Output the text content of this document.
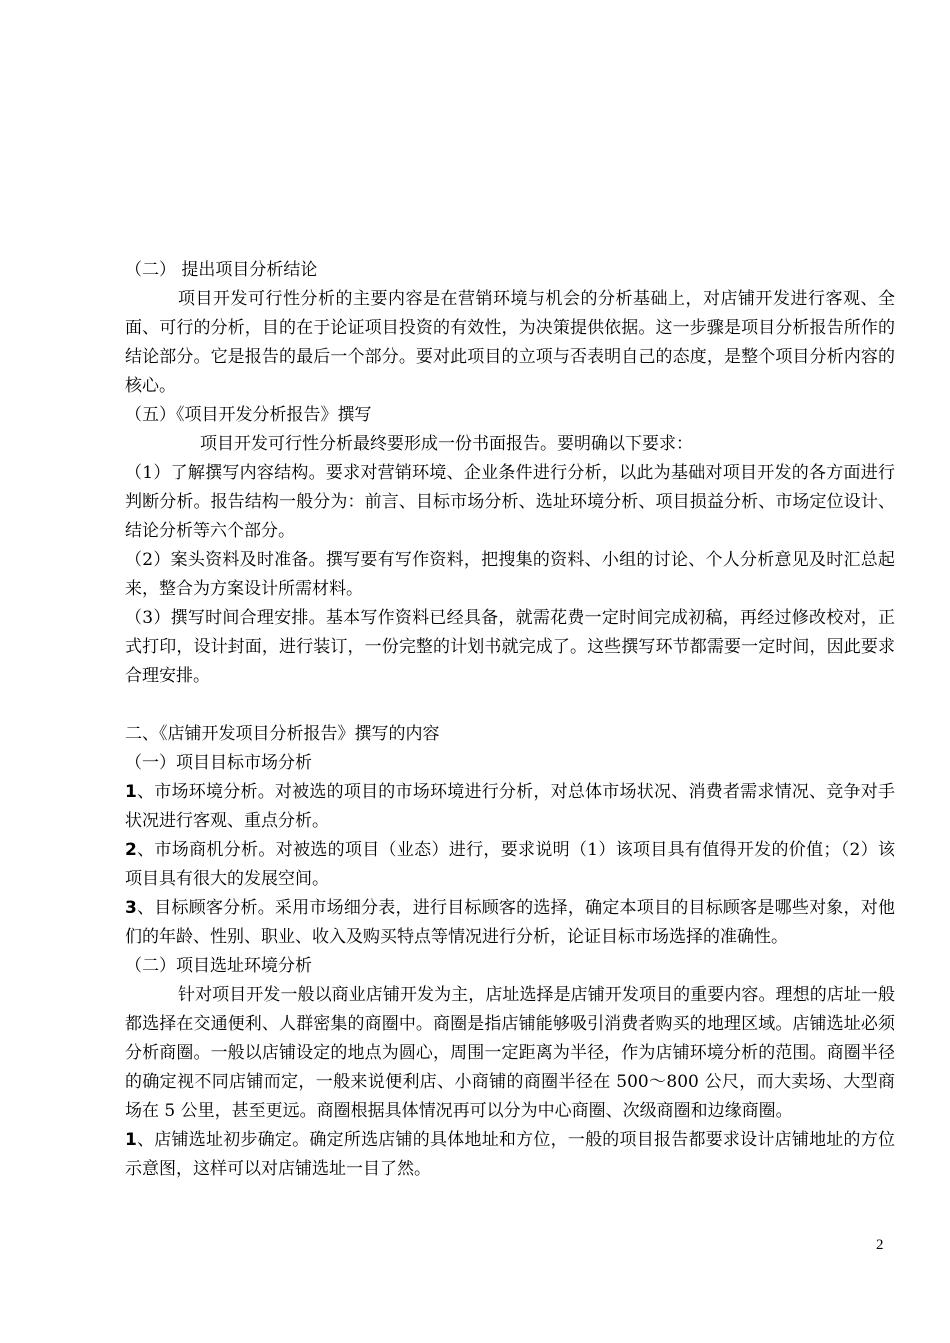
（二） 提出项目分析结论

项目开发可行性分析的主要内容是在营销环境与机会的分析基础上，对店铺开发进行客观、全面、可行的分析，目的在于论证项目投资的有效性，为决策提供依据。这一步骤是项目分析报告所作的结论部分。它是报告的最后一个部分。要对此项目的立项与否表明自己的态度，是整个项目分析内容的核心。

（五）《项目开发分析报告》撰写

项目开发可行性分析最终要形成一份书面报告。要明确以下要求：

（1）了解撰写内容结构。要求对营销环境、企业条件进行分析，以此为基础对项目开发的各方面进行判断分析。报告结构一般分为：前言、目标市场分析、选址环境分析、项目损益分析、市场定位设计、结论分析等六个部分。

（2）案头资料及时准备。撰写要有写作资料，把搜集的资料、小组的讨论、个人分析意见及时汇总起来，整合为方案设计所需材料。

（3）撰写时间合理安排。基本写作资料已经具备，就需花费一定时间完成初稿，再经过修改校对，正式打印，设计封面，进行装订，一份完整的计划书就完成了。这些撰写环节都需要一定时间，因此要求合理安排。

二、《店铺开发项目分析报告》撰写的内容

（一）项目目标市场分析

1、市场环境分析。对被选的项目的市场环境进行分析，对总体市场状况、消费者需求情况、竞争对手状况进行客观、重点分析。

2、市场商机分析。对被选的项目（业态）进行，要求说明（1）该项目具有值得开发的价值；（2）该项目具有很大的发展空间。

3、目标顾客分析。采用市场细分表，进行目标顾客的选择，确定本项目的目标顾客是哪些对象，对他们的年龄、性别、职业、收入及购买特点等情况进行分析，论证目标市场选择的准确性。

（二）项目选址环境分析

针对项目开发一般以商业店铺开发为主，店址选择是店铺开发项目的重要内容。理想的店址一般都选择在交通便利、人群密集的商圈中。商圈是指店铺能够吸引消费者购买的地理区域。店铺选址必须分析商圈。一般以店铺设定的地点为圆心，周围一定距离为半径，作为店铺环境分析的范围。商圈半径的确定视不同店铺而定，一般来说便利店、小商铺的商圈半径在 500～800 公尺，而大卖场、大型商场在 5 公里，甚至更远。商圈根据具体情况再可以分为中心商圈、次级商圈和边缘商圈。

1、店铺选址初步确定。确定所选店铺的具体地址和方位，一般的项目报告都要求设计店铺地址的方位示意图，这样可以对店铺选址一目了然。

2
